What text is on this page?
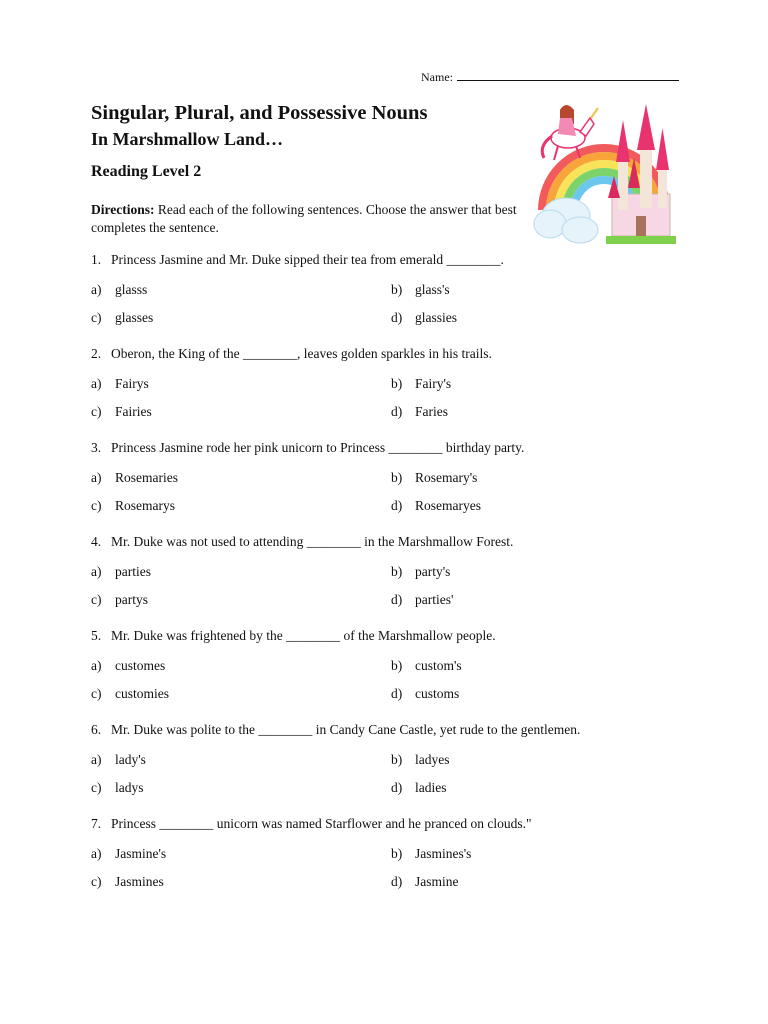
Name:
Singular, Plural, and Possessive Nouns
In Marshmallow Land…
Reading Level 2

Directions: Read each of the following sentences. Choose the answer that best completes the sentence.

1. Princess Jasmine and Mr. Duke sipped their tea from emerald ________.
a) glasss	b) glass's
c) glasses	d) glassies
2. Oberon, the King of the ________, leaves golden sparkles in his trails.
a) Fairys	b) Fairy's
c) Fairies	d) Faries
3. Princess Jasmine rode her pink unicorn to Princess ________ birthday party.
a) Rosemaries	b) Rosemary's
c) Rosemarys	d) Rosemaryes
4. Mr. Duke was not used to attending ________ in the Marshmallow Forest.
a) parties	b) party's
c) partys	d) parties'
5. Mr. Duke was frightened by the ________ of the Marshmallow people.
a) customes	b) custom's
c) customies	d) customs
6. Mr. Duke was polite to the ________ in Candy Cane Castle, yet rude to the gentlemen.
a) lady's	b) ladyes
c) ladys	d) ladies
7. Princess ________ unicorn was named Starflower and he pranced on clouds."
a) Jasmine's	b) Jasmines's
c) Jasmines	d) Jasmine
